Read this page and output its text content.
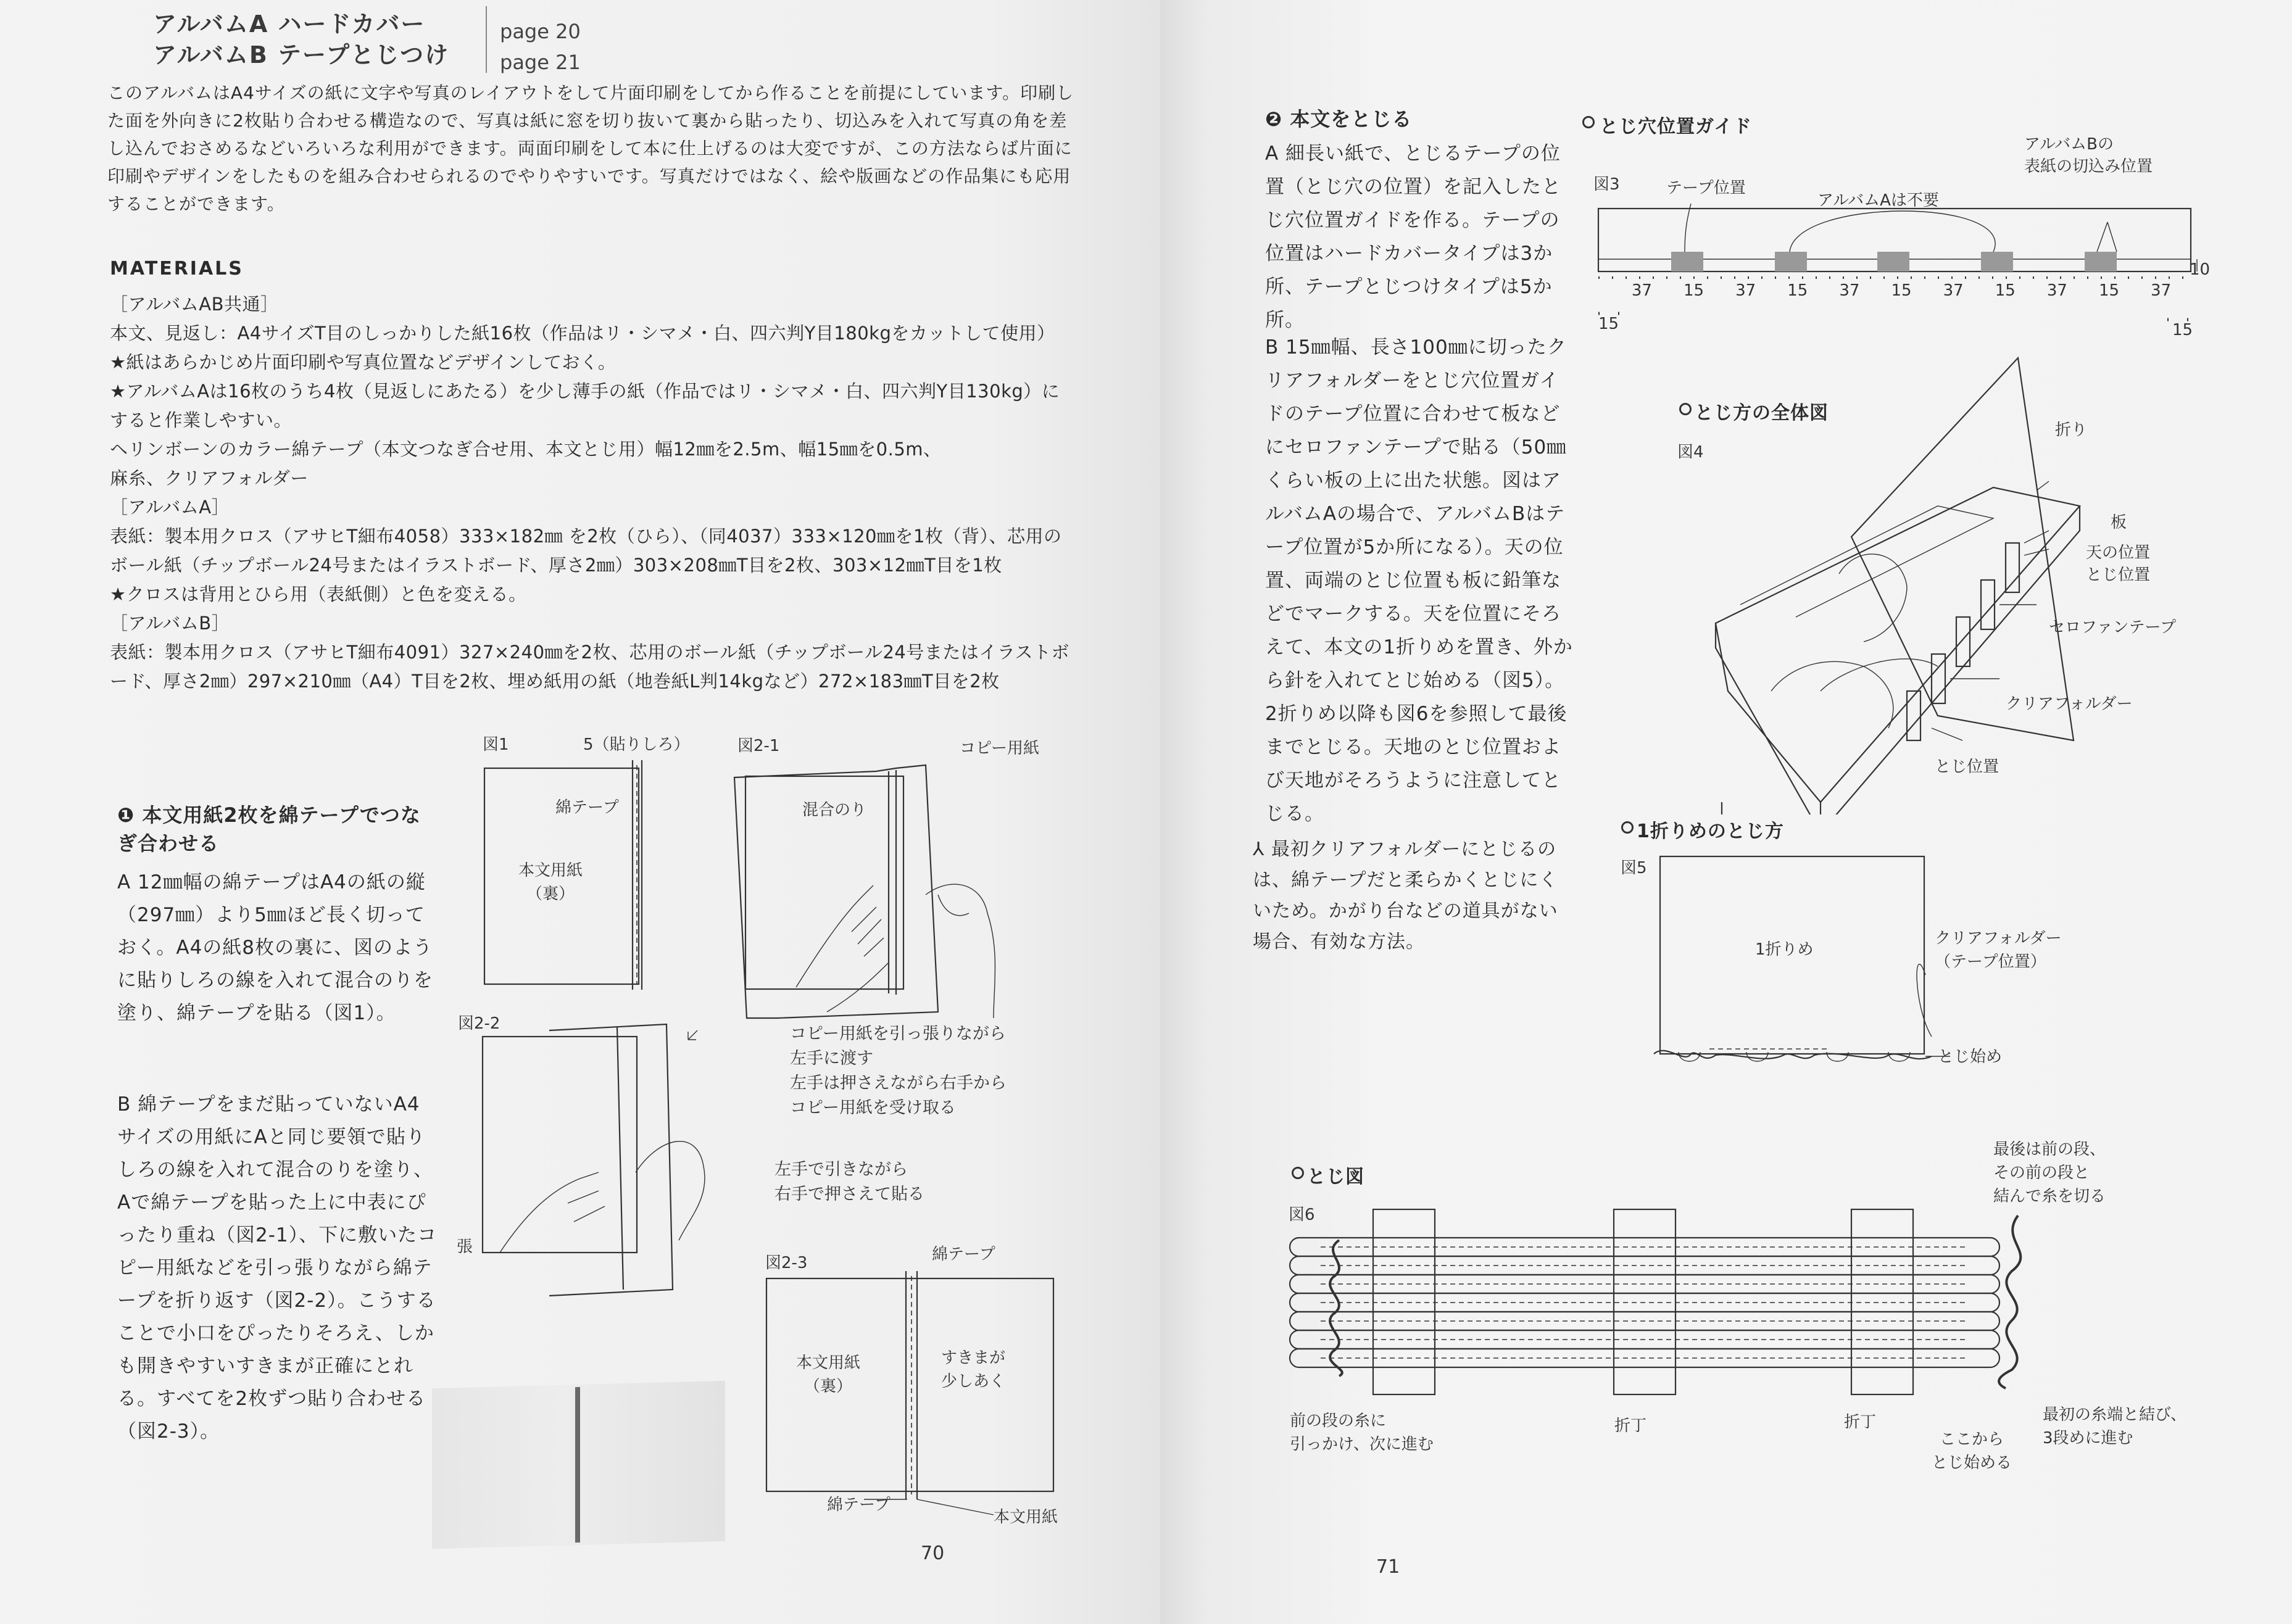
アルバムA ハードカバー
アルバムB テープとじつけ
page 20
page 21
このアルバムはA4サイズの紙に文字や写真のレイアウトをして片面印刷をしてから作ることを前提にしています。印刷した面を外向きに2枚貼り合わせる構造なので、写真は紙に窓を切り抜いて裏から貼ったり、切込みを入れて写真の角を差し込んでおさめるなどいろいろな利用ができます。両面印刷をして本に仕上げるのは大変ですが、この方法ならば片面に印刷やデザインをしたものを組み合わせられるのでやりやすいです。写真だけではなく、絵や版画などの作品集にも応用することができます。
MATERIALS
［アルバムAB共通］
本文、見返し：A4サイズT目のしっかりした紙16枚（作品はリ・シマメ・白、四六判Y目180kgをカットして使用）
★紙はあらかじめ片面印刷や写真位置などデザインしておく。
★アルバムAは16枚のうち4枚（見返しにあたる）を少し薄手の紙（作品ではリ・シマメ・白、四六判Y目130kg）にすると作業しやすい。
ヘリンボーンのカラー綿テープ（本文つなぎ合せ用、本文とじ用）幅12㎜を2.5m、幅15㎜を0.5m、
麻糸、クリアフォルダー
［アルバムA］
表紙：製本用クロス（アサヒT細布4058）333×182㎜ を2枚（ひら）、（同4037）333×120㎜を1枚（背）、芯用のボール紙（チップボール24号またはイラストボード、厚さ2㎜）303×208㎜T目を2枚、303×12㎜T目を1枚
★クロスは背用とひら用（表紙側）と色を変える。
［アルバムB］
表紙：製本用クロス（アサヒT細布4091）327×240㎜を2枚、芯用のボール紙（チップボール24号またはイラストボード、厚さ2㎜）297×210㎜（A4）T目を2枚、埋め紙用の紙（地巻紙L判14kgなど）272×183㎜T目を2枚
❶ 本文用紙2枚を綿テープでつなぎ合わせる
A 12㎜幅の綿テープはA4の紙の縦（297㎜）より5㎜ほど長く切っておく。A4の紙8枚の裏に、図のように貼りしろの線を入れて混合のりを塗り、綿テープを貼る（図1）。
B 綿テープをまだ貼っていないA4サイズの用紙にAと同じ要領で貼りしろの線を入れて混合のりを塗り、Aで綿テープを貼った上に中表にぴったり重ね（図2-1）、下に敷いたコピー用紙などを引っ張りながら綿テープを折り返す（図2-2）。こうすることで小口をぴったりそろえ、しかも開きやすいすきまが正確にとれる。すべてを2枚ずつ貼り合わせる（図2-3）。
図1	5（貼りしろ）
綿テープ
本文用紙
（裏）
図2-1	コピー用紙
混合のり
図2-2
張
コピー用紙を引っ張りながら
左手に渡す
左手は押さえながら右手から
コピー用紙を受け取る
左手で引きながら
右手で押さえて貼る
図2-3	綿テープ
本文用紙
（裏）
すきまが
少しあく
綿テープ
本文用紙
70
❷ 本文をとじる
A 細長い紙で、とじるテープの位置（とじ穴の位置）を記入したとじ穴位置ガイドを作る。テープの位置はハードカバータイプは3か所、テープとじつけタイプは5か所。
B 15㎜幅、長さ100㎜に切ったクリアフォルダーをとじ穴位置ガイドのテープ位置に合わせて板などにセロファンテープで貼る（50㎜くらい板の上に出た状態。図はアルバムAの場合で、アルバムBはテープ位置が5か所になる）。天の位置、両端のとじ位置も板に鉛筆などでマークする。天を位置にそろえて、本文の1折りめを置き、外から針を入れてとじ始める（図5）。2折りめ以降も図6を参照して最後までとじる。天地のとじ位置および天地がそろうように注意してとじる。
⅄ 最初クリアフォルダーにとじるのは、綿テープだと柔らかくとじにくいため。かがり台などの道具がない場合、有効な方法。
とじ穴位置ガイド
図3	テープ位置
アルバムAは不要
アルバムBの
表紙の切込み位置
37	15	37	15	37	15	37	15	37	15	37
15	15
10
とじ方の全体図
図4
折り
板
天の位置
とじ位置
セロファンテープ
クリアフォルダー
とじ位置
1折りめのとじ方
図5
1折りめ
クリアフォルダー
（テープ位置）
とじ始め
とじ図
図6
最後は前の段、
その前の段と
結んで糸を切る
前の段の糸に
引っかけ、次に進む
折丁	折丁
ここから
とじ始める
最初の糸端と結び、
3段めに進む
71
